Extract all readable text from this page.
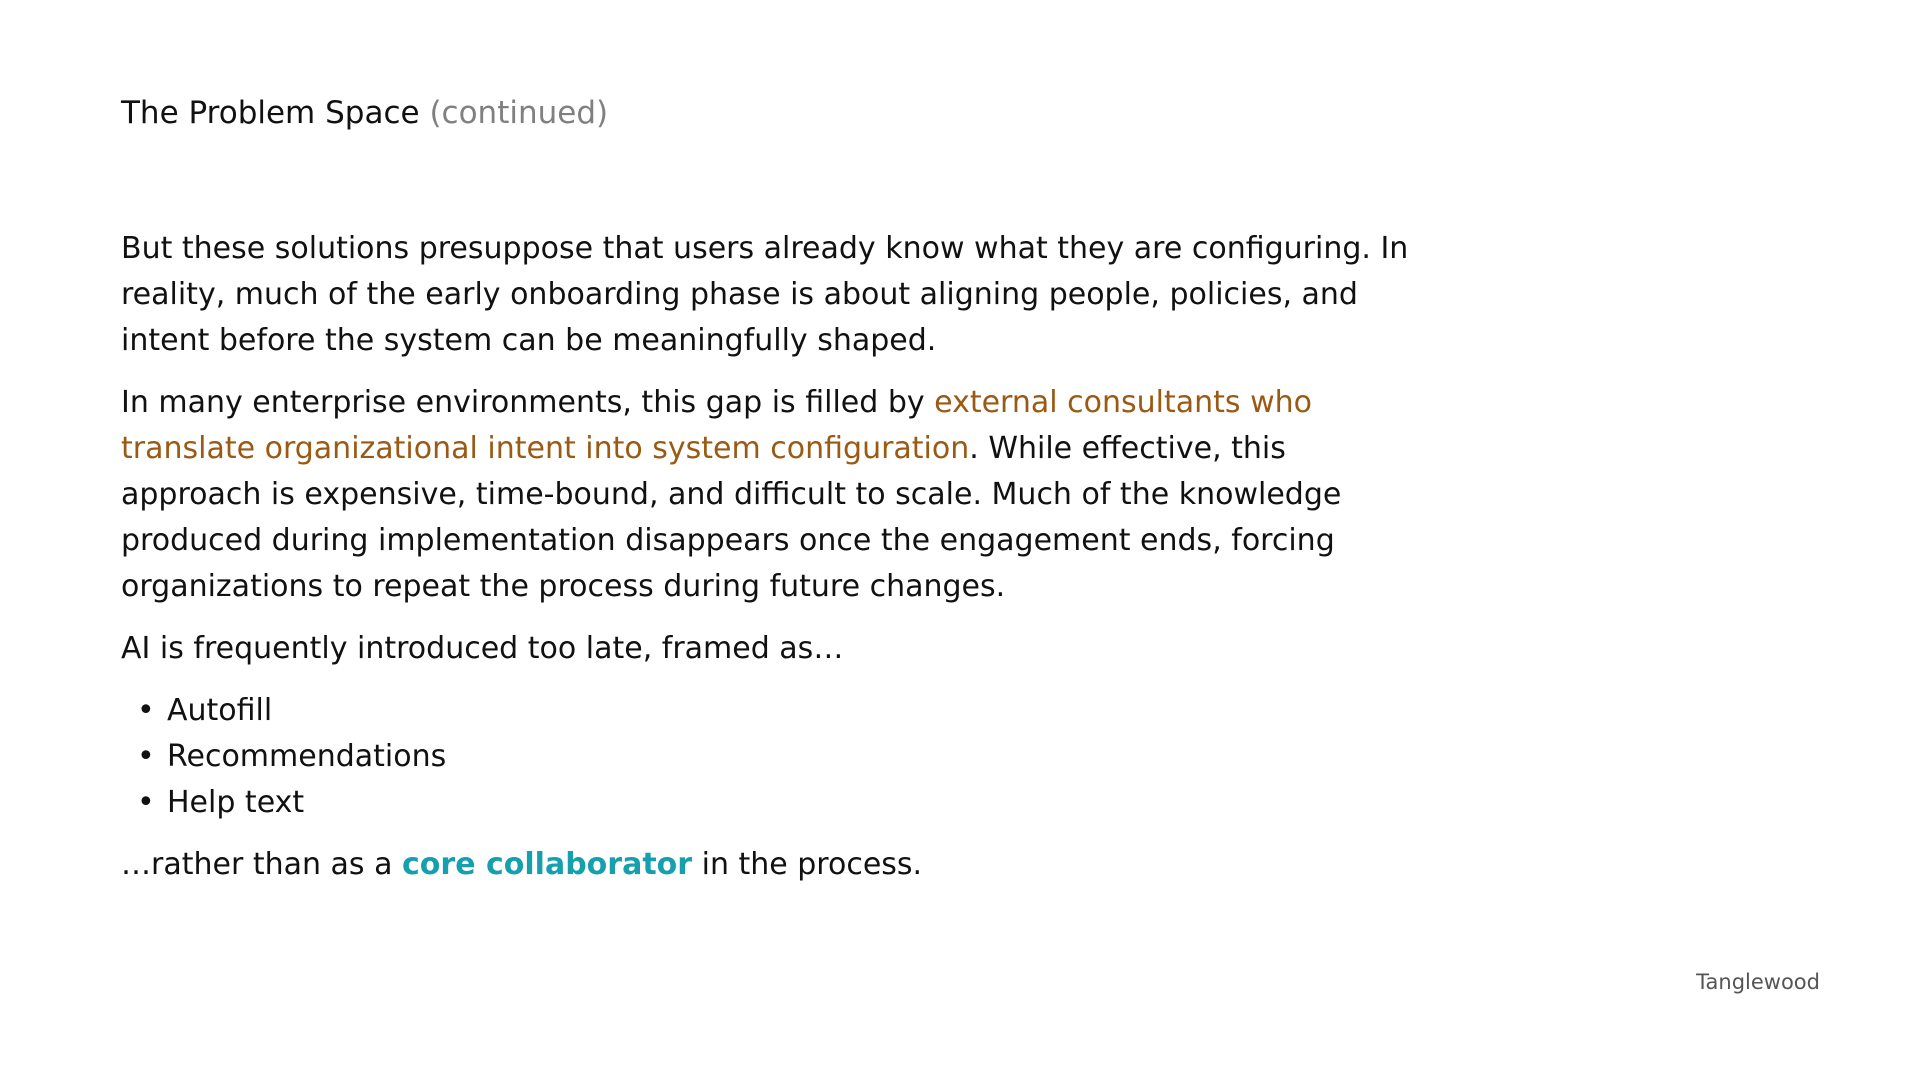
The Problem Space (continued)

But these solutions presuppose that users already know what they are configuring. In reality, much of the early onboarding phase is about aligning people, policies, and intent before the system can be meaningfully shaped.

In many enterprise environments, this gap is filled by external consultants who translate organizational intent into system configuration. While effective, this approach is expensive, time-bound, and difficult to scale. Much of the knowledge produced during implementation disappears once the engagement ends, forcing organizations to repeat the process during future changes.

AI is frequently introduced too late, framed as…

• Autofill
• Recommendations
• Help text

…rather than as a core collaborator in the process.

Tanglewood
